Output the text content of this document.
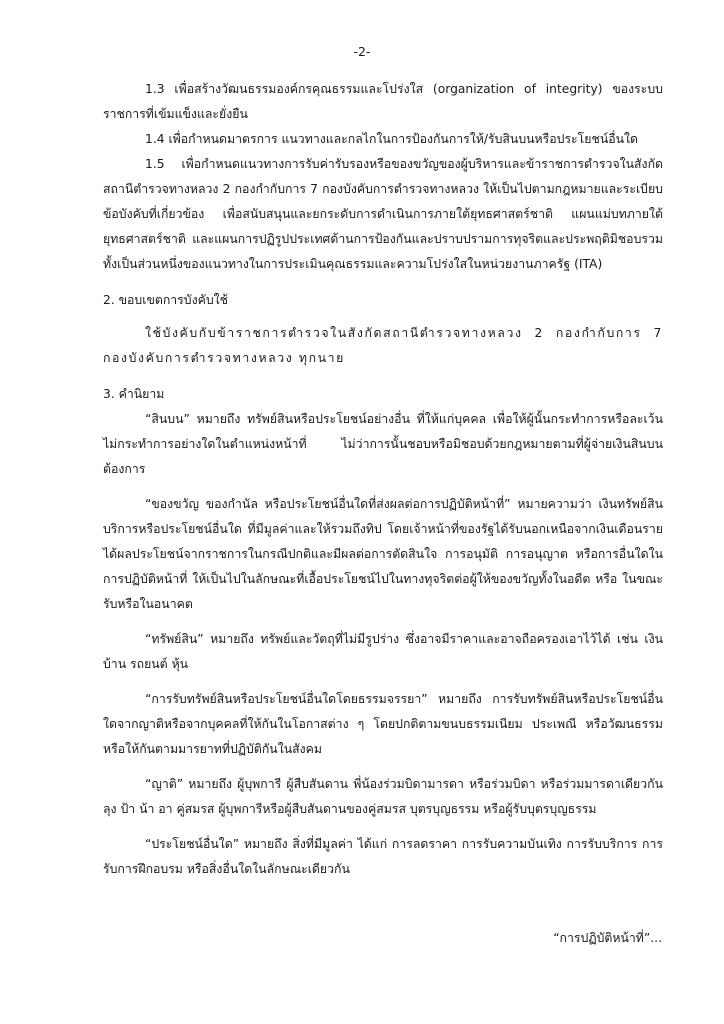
-2-

1.3 เพื่อสร้างวัฒนธรรมองค์กรคุณธรรมและโปร่งใส (organization of integrity) ของระบบราชการที่เข้มแข็งและยั่งยืน

1.4 เพื่อกำหนดมาตรการ แนวทางและกลไกในการป้องกันการให้/รับสินบนหรือประโยชน์อื่นใด

1.5 เพื่อกำหนดแนวทางการรับค่ารับรองหรือของขวัญของผู้บริหารและข้าราชการตำรวจในสังกัดสถานีตำรวจทางหลวง 2 กองกำกับการ 7 กองบังคับการตำรวจทางหลวง ให้เป็นไปตามกฎหมายและระเบียบข้อบังคับที่เกี่ยวข้อง เพื่อสนับสนุนและยกระดับการดำเนินการภายใต้ยุทธศาสตร์ชาติ แผนแม่บทภายใต้ยุทธศาสตร์ชาติ และแผนการปฏิรูปประเทศด้านการป้องกันและปราบปรามการทุจริตและประพฤติมิชอบรวมทั้งเป็นส่วนหนึ่งของแนวทางในการประเมินคุณธรรมและความโปร่งใสในหน่วยงานภาครัฐ (ITA)

2. ขอบเขตการบังคับใช้

ใช้บังคับกับข้าราชการตำรวจในสังกัดสถานีตำรวจทางหลวง 2 กองกำกับการ 7 กองบังคับการตำรวจทางหลวง ทุกนาย

3. คำนิยาม

“สินบน” หมายถึง ทรัพย์สินหรือประโยชน์อย่างอื่น ที่ให้แก่บุคคล เพื่อให้ผู้นั้นกระทำการหรือละเว้นไม่กระทำการอย่างใดในตำแหน่งหน้าที่ ไม่ว่าการนั้นชอบหรือมิชอบด้วยกฎหมายตามที่ผู้จ่ายเงินสินบนต้องการ

“ของขวัญ ของกำนัล หรือประโยชน์อื่นใดที่ส่งผลต่อการปฏิบัติหน้าที่” หมายความว่า เงินทรัพย์สินบริการหรือประโยชน์อื่นใด ที่มีมูลค่าและให้รวมถึงทิป โดยเจ้าหน้าที่ของรัฐได้รับนอกเหนือจากเงินเดือนรายได้ผลประโยชน์จากราชการในกรณีปกติและมีผลต่อการตัดสินใจ การอนุมัติ การอนุญาต หรือการอื่นใดในการปฏิบัติหน้าที่ ให้เป็นไปในลักษณะที่เอื้อประโยชน์ไปในทางทุจริตต่อผู้ให้ของขวัญทั้งในอดีต หรือ ในขณะรับหรือในอนาคต

“ทรัพย์สิน” หมายถึง ทรัพย์และวัตถุที่ไม่มีรูปร่าง ซึ่งอาจมีราคาและอาจถือครองเอาไว้ได้ เช่น เงิน บ้าน รถยนต์ หุ้น

“การรับทรัพย์สินหรือประโยชน์อื่นใดโดยธรรมจรรยา” หมายถึง การรับทรัพย์สินหรือประโยชน์อื่นใดจากญาติหรือจากบุคคลที่ให้กันในโอกาสต่าง ๆ โดยปกติตามขนบธรรมเนียม ประเพณี หรือวัฒนธรรม หรือให้กันตามมารยาทที่ปฏิบัติกันในสังคม

“ญาติ” หมายถึง ผู้บุพการี ผู้สืบสันดาน พี่น้องร่วมบิดามารดา หรือร่วมบิดา หรือร่วมมารดาเดียวกัน ลุง ป้า น้า อา คู่สมรส ผู้บุพการีหรือผู้สืบสันดานของคู่สมรส บุตรบุญธรรม หรือผู้รับบุตรบุญธรรม

“ประโยชน์อื่นใด” หมายถึง สิ่งที่มีมูลค่า ได้แก่ การลดราคา การรับความบันเทิง การรับบริการ การรับการฝึกอบรม หรือสิ่งอื่นใดในลักษณะเดียวกัน

“การปฏิบัติหน้าที่”...
